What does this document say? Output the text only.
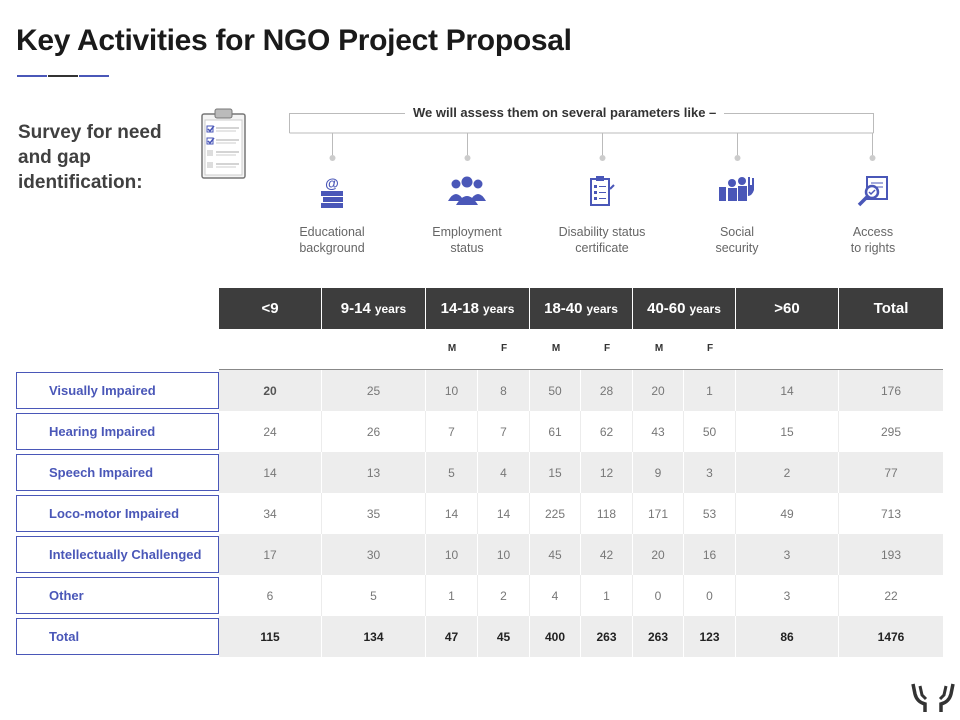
Key Activities for NGO Project Proposal
Survey for need and gap identification:
We will assess them on several parameters like –
@
Educational
background
Employment
status
Disability status
certificate
Social
security
Access
to rights
<9	9-14 years 14-18 years 18-40 years 40-60 years	>60	Total
M	F	M	F	M	F
Visually Impaired	20	25	10	8	50	28	20	1	14	176
Hearing Impaired	24	26	7	7	61	62	43	50	15	295
Speech Impaired	14	13	5	4	15	12	9	3	2	77
Loco-motor Impaired	34	35	14	14	225	118	171	53	49	713
Intellectually Challenged	17	30	10	10	45	42	20	16	3	193
Other	6	5	1	2	4	1	0	0	3	22
Total	115	134	47	45	400	263	263	123	86	1476
